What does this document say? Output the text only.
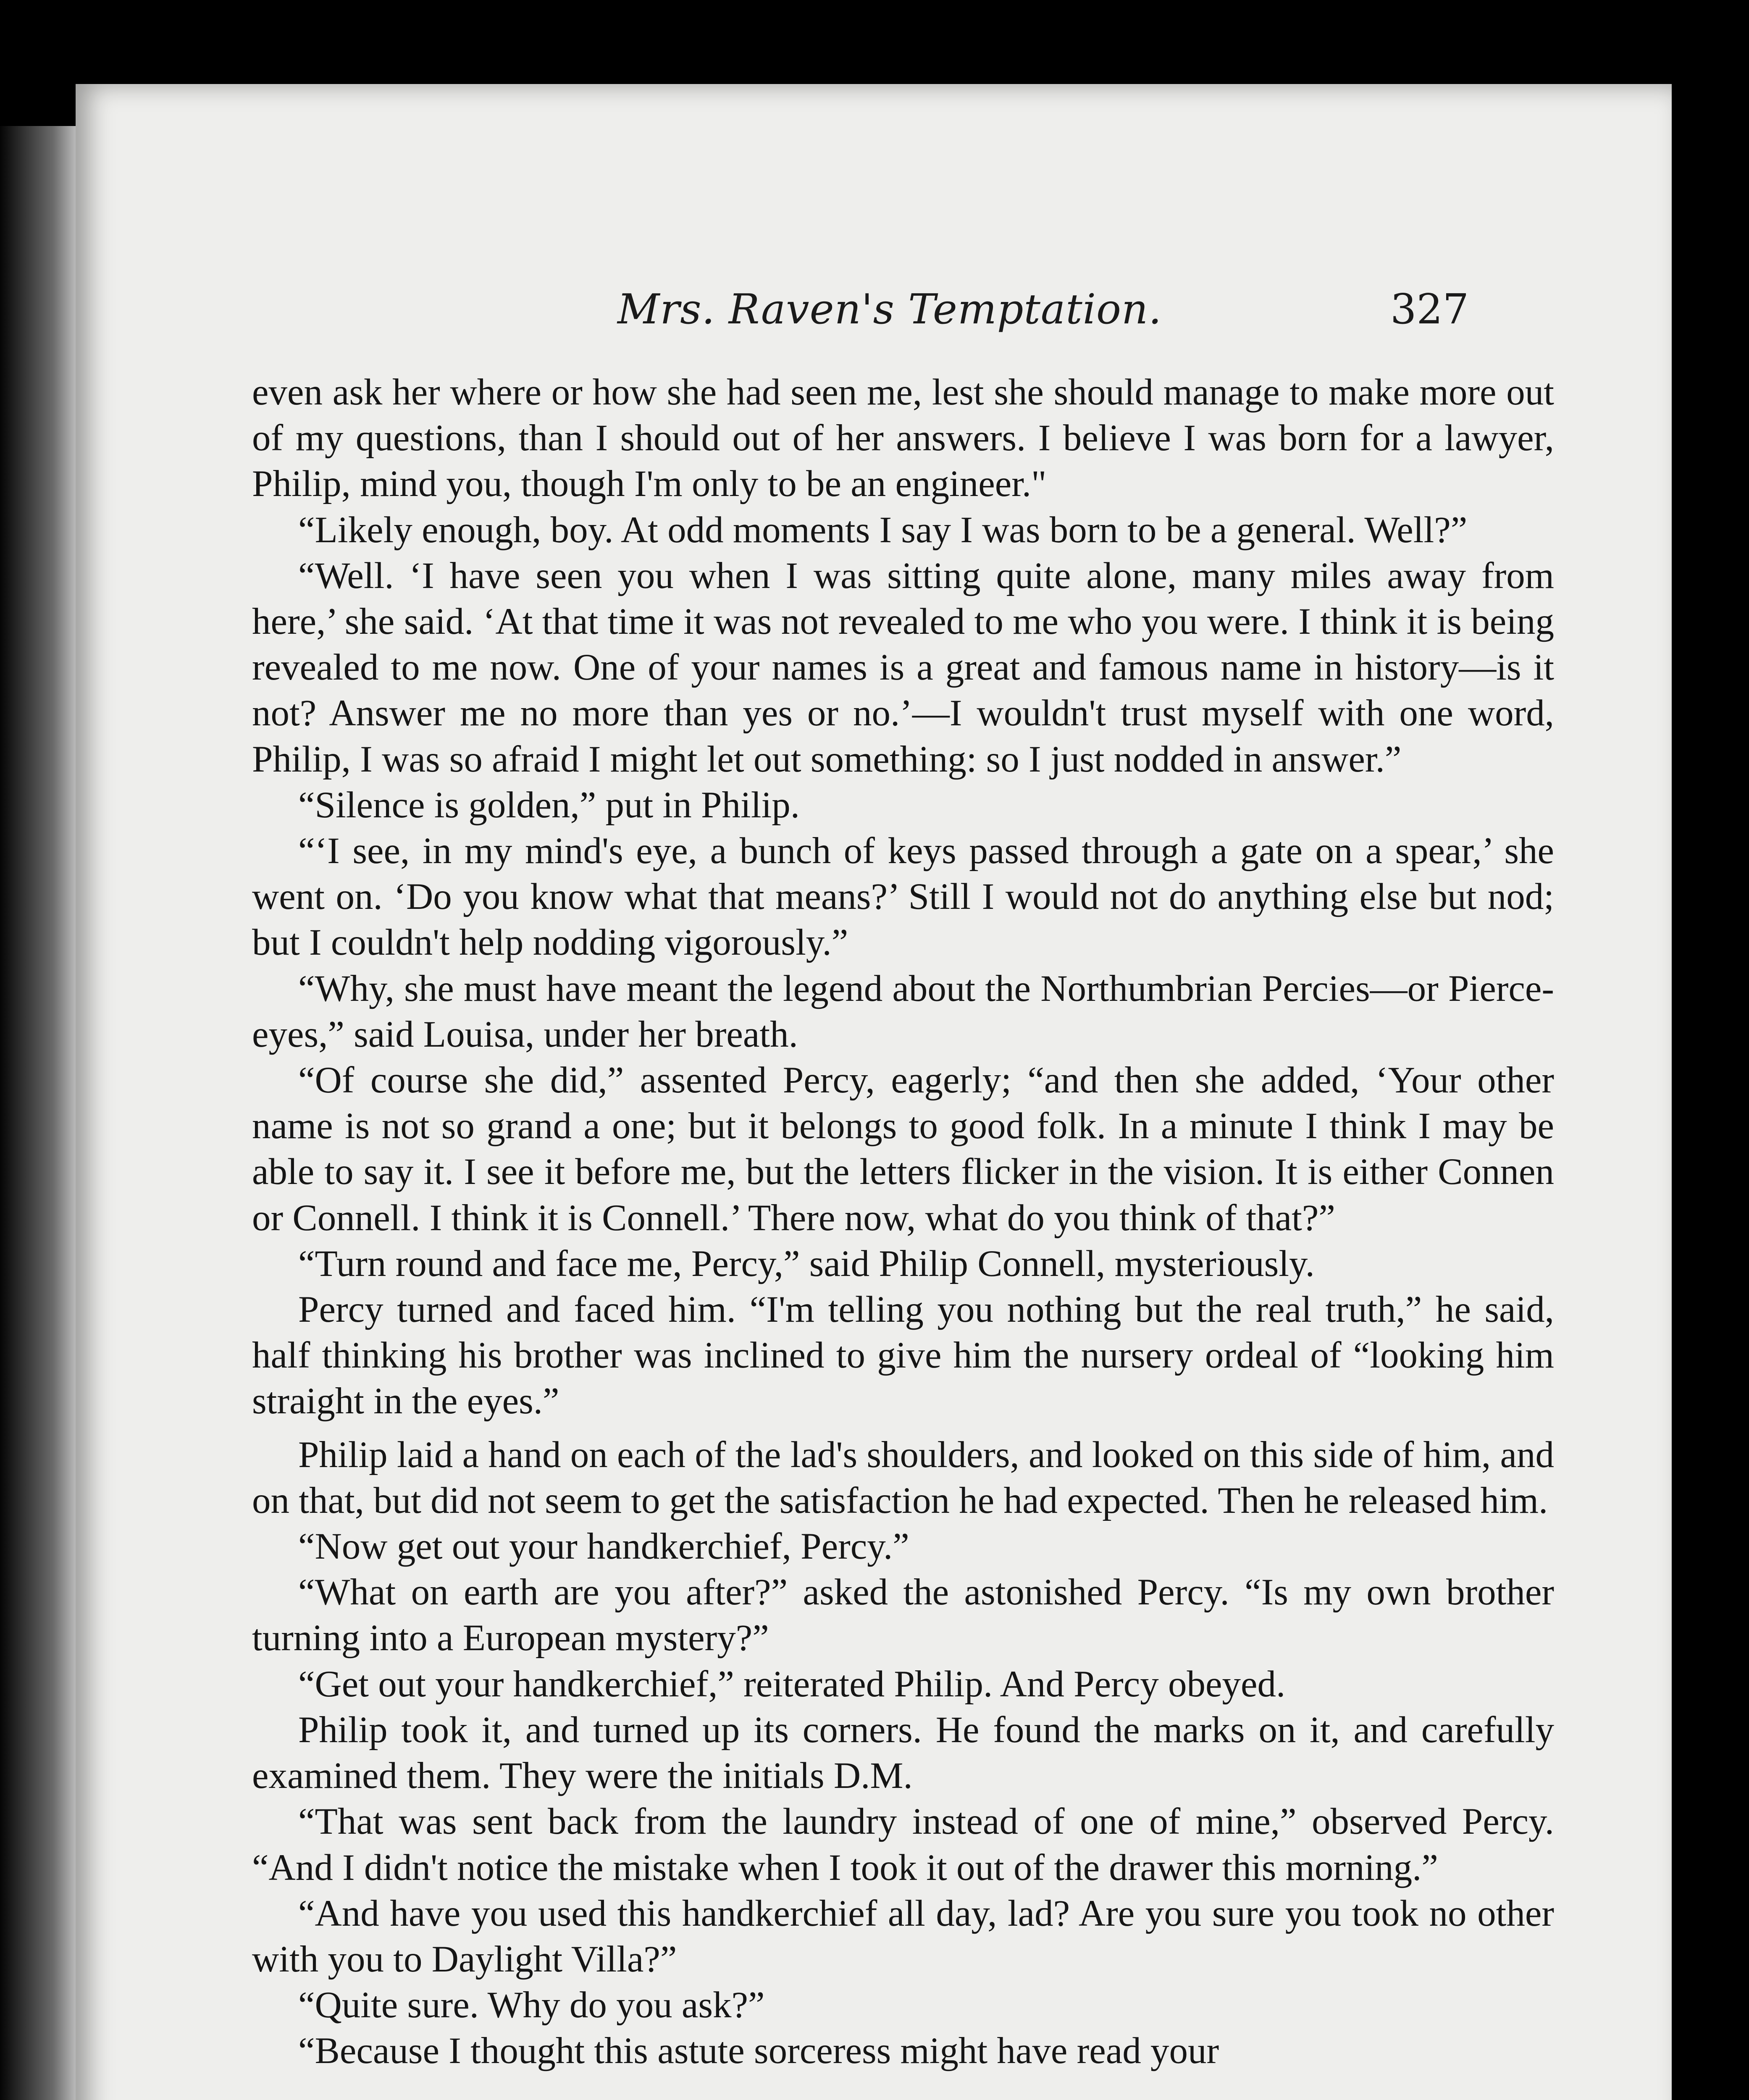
Mrs. Raven's Temptation.	327

even ask her where or how she had seen me, lest she should manage to make more out of my questions, than I should out of her answers. I believe I was born for a lawyer, Philip, mind you, though I'm only to be an engineer."

“Likely enough, boy. At odd moments I say I was born to be a general. Well?”

“Well. ‘I have seen you when I was sitting quite alone, many miles away from here,’ she said. ‘At that time it was not revealed to me who you were. I think it is being revealed to me now. One of your names is a great and famous name in history—is it not? Answer me no more than yes or no.’—I wouldn't trust myself with one word, Philip, I was so afraid I might let out something: so I just nodded in answer.”

“Silence is golden,” put in Philip.

“‘I see, in my mind's eye, a bunch of keys passed through a gate on a spear,’ she went on. ‘Do you know what that means?’ Still I would not do anything else but nod; but I couldn't help nodding vigorously.”

“Why, she must have meant the legend about the Northumbrian Percies—or Pierce-eyes,” said Louisa, under her breath.

“Of course she did,” assented Percy, eagerly; “and then she added, ‘Your other name is not so grand a one; but it belongs to good folk. In a minute I think I may be able to say it. I see it before me, but the letters flicker in the vision. It is either Connen or Connell. I think it is Connell.’ There now, what do you think of that?”

“Turn round and face me, Percy,” said Philip Connell, mysteriously.

Percy turned and faced him. “I'm telling you nothing but the real truth,” he said, half thinking his brother was inclined to give him the nursery ordeal of “looking him straight in the eyes.”

Philip laid a hand on each of the lad's shoulders, and looked on this side of him, and on that, but did not seem to get the satisfaction he had expected. Then he released him.

“Now get out your handkerchief, Percy.”

“What on earth are you after?” asked the astonished Percy. “Is my own brother turning into a European mystery?”

“Get out your handkerchief,” reiterated Philip. And Percy obeyed.

Philip took it, and turned up its corners. He found the marks on it, and carefully examined them. They were the initials D.M.

“That was sent back from the laundry instead of one of mine,” observed Percy. “And I didn't notice the mistake when I took it out of the drawer this morning.”

“And have you used this handkerchief all day, lad? Are you sure you took no other with you to Daylight Villa?”

“Quite sure. Why do you ask?”

“Because I thought this astute sorceress might have read your
